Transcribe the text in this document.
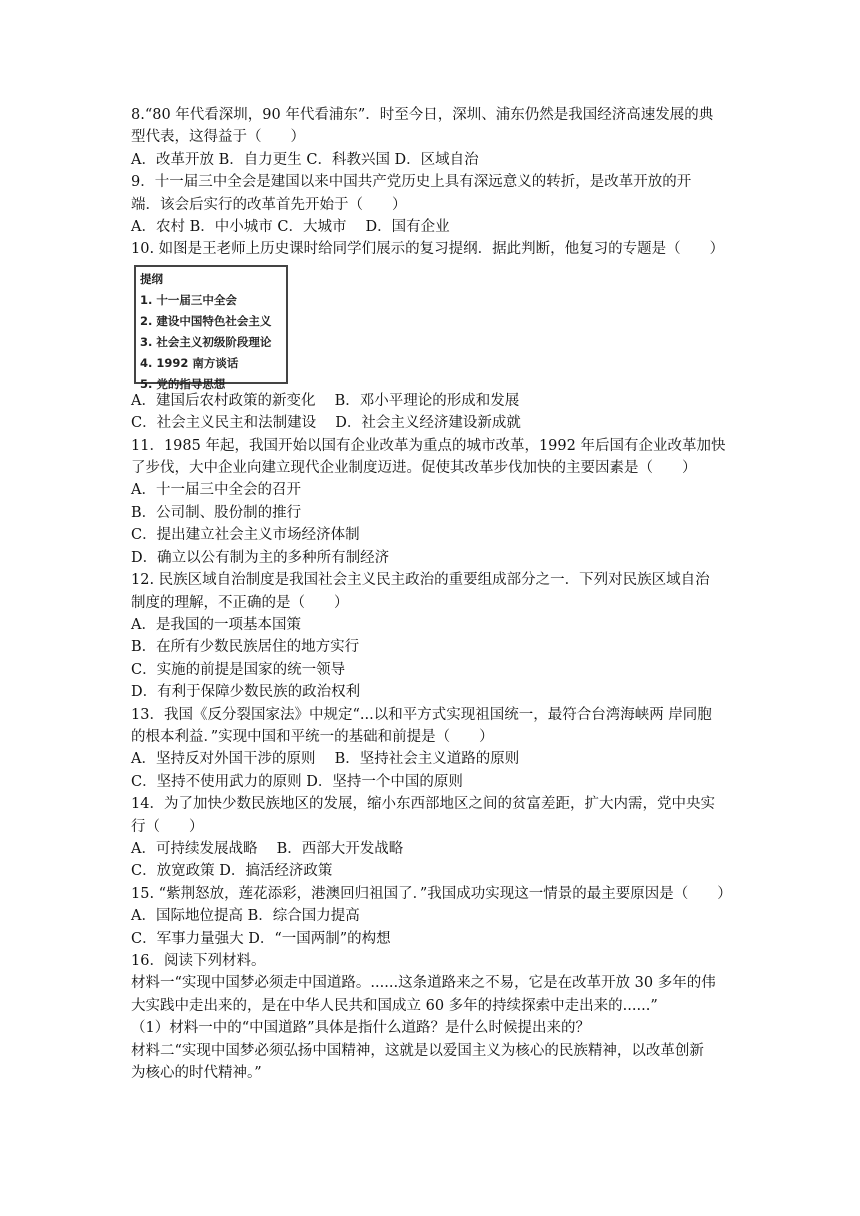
8.“80 年代看深圳，90 年代看浦东”．时至今日，深圳、浦东仍然是我国经济高速发展的典
型代表，这得益于（　　）
A．改革开放 B．自力更生 C．科教兴国 D．区域自治
9．十一届三中全会是建国以来中国共产党历史上具有深远意义的转折，是改革开放的开
端．该会后实行的改革首先开始于（　　）
A．农村 B．中小城市 C．大城市　 D．国有企业
10. 如图是王老师上历史课时给同学们展示的复习提纲．据此判断，他复习的专题是（　　）
提纲
1. 十一届三中全会
2. 建设中国特色社会主义
3. 社会主义初级阶段理论
4. 1992 南方谈话
5. 党的指导思想
A．建国后农村政策的新变化　 B．邓小平理论的形成和发展
C．社会主义民主和法制建设　 D．社会主义经济建设新成就
11．1985 年起，我国开始以国有企业改革为重点的城市改革，1992 年后国有企业改革加快
了步伐，大中企业向建立现代企业制度迈进。促使其改革步伐加快的主要因素是（　　）
A．十一届三中全会的召开
B．公司制、股份制的推行
C．提出建立社会主义市场经济体制
D．确立以公有制为主的多种所有制经济
12. 民族区域自治制度是我国社会主义民主政治的重要组成部分之一．下列对民族区域自治
制度的理解，不正确的是（　　）
A．是我国的一项基本国策
B．在所有少数民族居住的地方实行
C．实施的前提是国家的统一领导
D．有利于保障少数民族的政治权利
13．我国《反分裂国家法》中规定“...以和平方式实现祖国统一，最符合台湾海峡两 岸同胞
的根本利益．”实现中国和平统一的基础和前提是（　　）
A．坚持反对外国干涉的原则　 B．坚持社会主义道路的原则
C．坚持不使用武力的原则 D．坚持一个中国的原则
14．为了加快少数民族地区的发展，缩小东西部地区之间的贫富差距，扩大内需，党中央实
行（　　）
A．可持续发展战略　 B．西部大开发战略
C．放宽政策 D．搞活经济政策
15. “紫荆怒放，莲花添彩，港澳回归祖国了．”我国成功实现这一情景的最主要原因是（　　）
A．国际地位提高 B．综合国力提高
C．军事力量强大 D．“一国两制”的构想
16．阅读下列材料。
材料一“实现中国梦必须走中国道路。......这条道路来之不易，它是在改革开放 30 多年的伟
大实践中走出来的，是在中华人民共和国成立 60 多年的持续探索中走出来的......”
（1）材料一中的“中国道路”具体是指什么道路？是什么时候提出来的？
材料二“实现中国梦必须弘扬中国精神，这就是以爱国主义为核心的民族精神，以改革创新
为核心的时代精神。”
